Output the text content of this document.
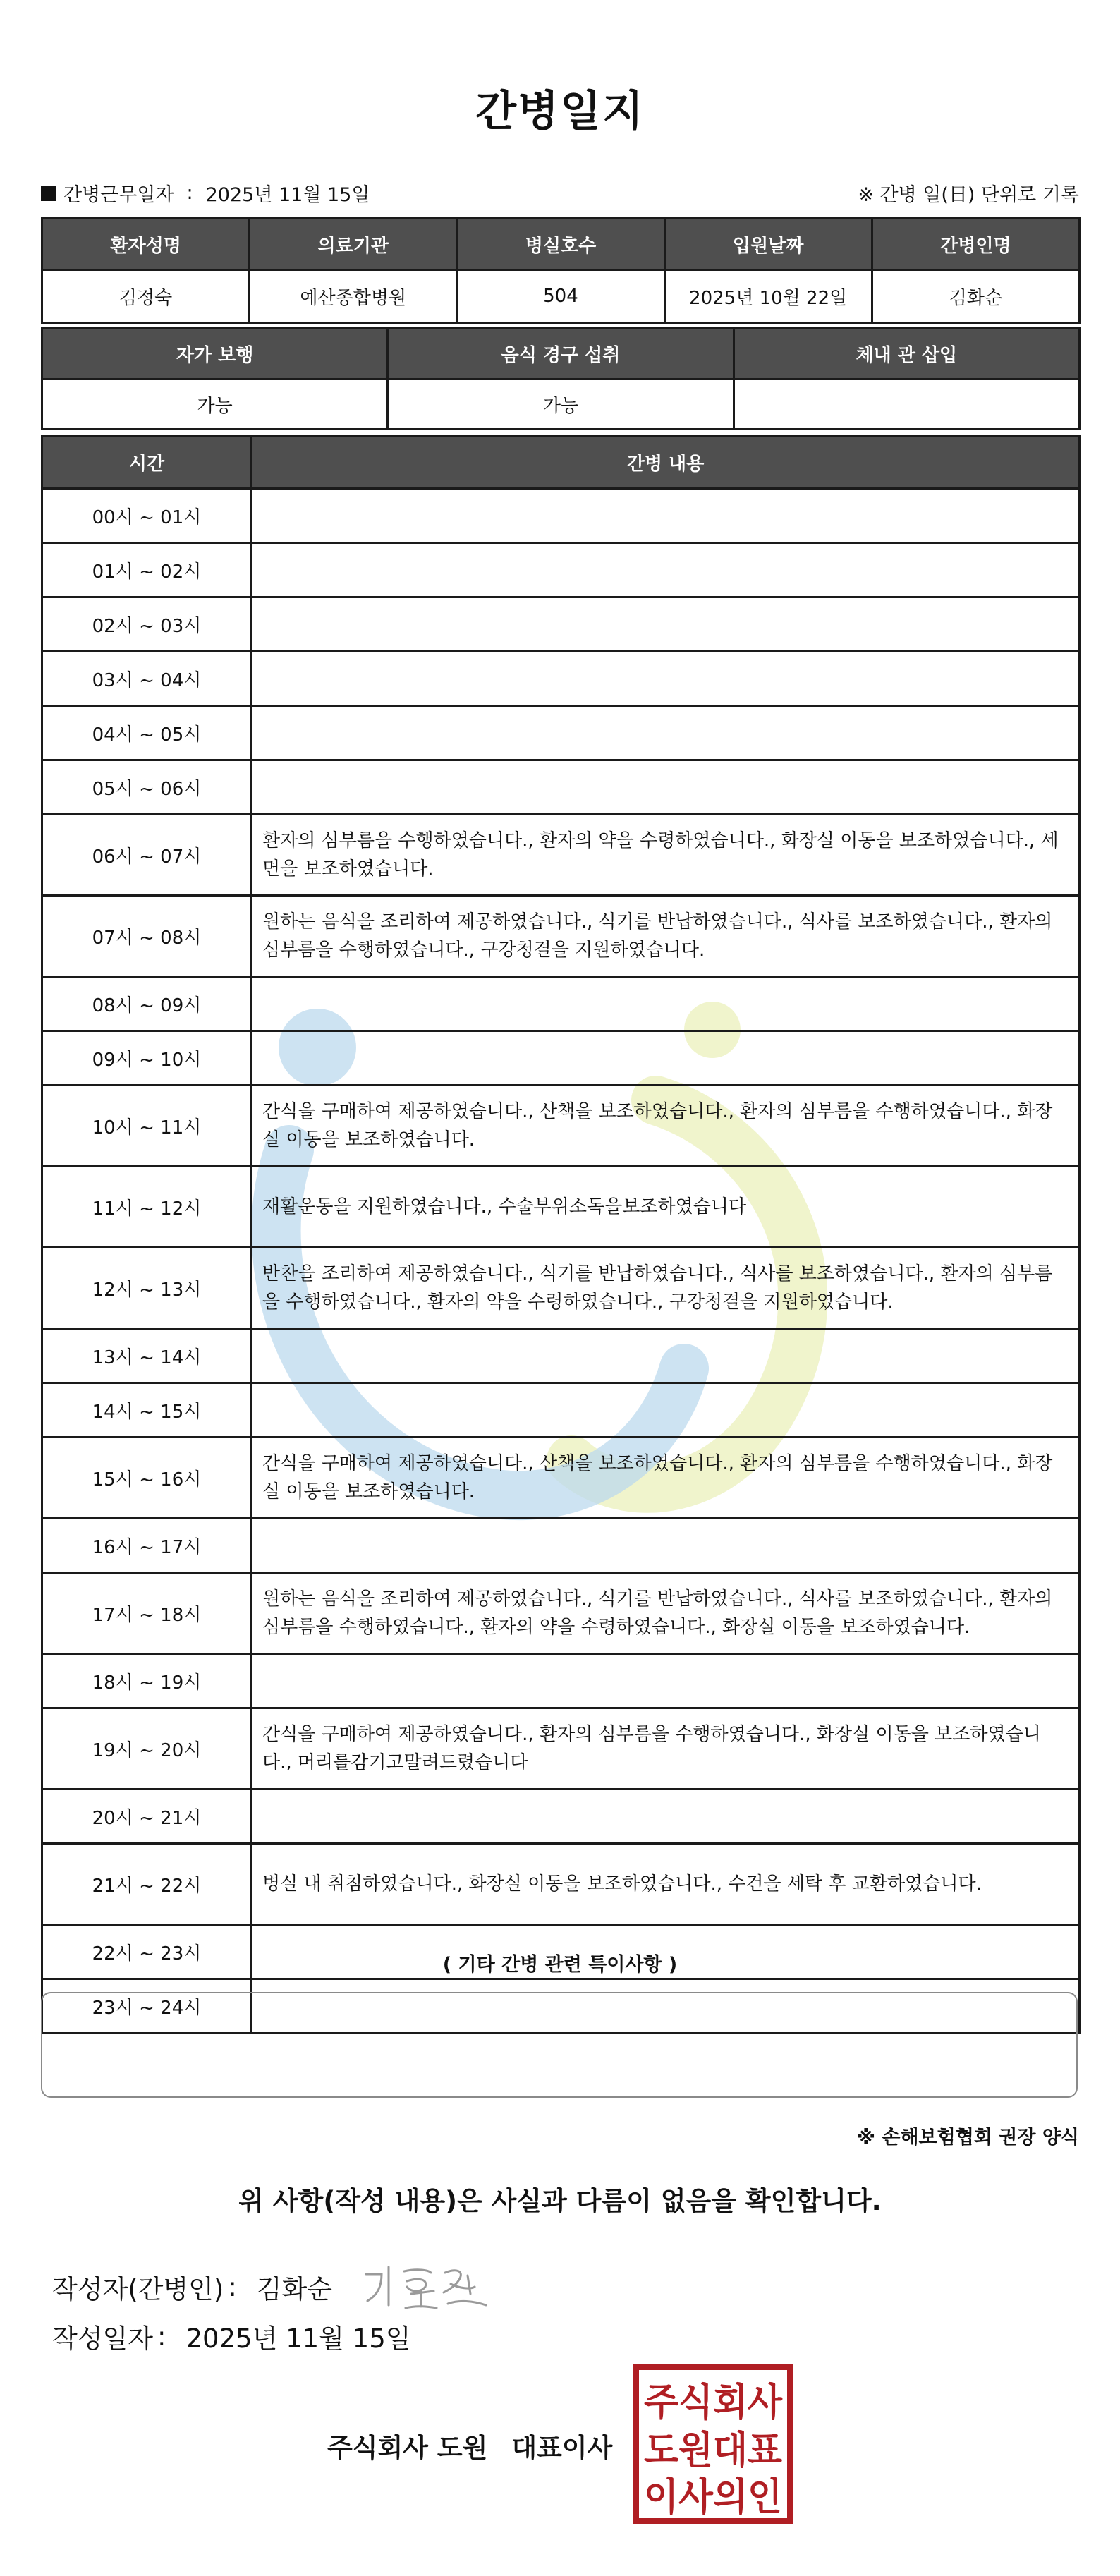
간병일지
간병근무일자 : 2025년 11월 15일	※ 간병 일(日) 단위로 기록
환자성명	의료기관	병실호수	입원날짜	간병인명
김정숙	예산종합병원	504	2025년 10월 22일	김화순
자가 보행	음식 경구 섭취	체내 관 삽입
가능	가능	
시간	간병 내용
00시 ~ 01시	
01시 ~ 02시	
02시 ~ 03시	
03시 ~ 04시	
04시 ~ 05시	
05시 ~ 06시	
06시 ~ 07시	환자의 심부름을 수행하였습니다., 환자의 약을 수령하였습니다., 화장실 이동을 보조하였습니다., 세면을 보조하였습니다.
07시 ~ 08시	원하는 음식을 조리하여 제공하였습니다., 식기를 반납하였습니다., 식사를 보조하였습니다., 환자의 심부름을 수행하였습니다., 구강청결을 지원하였습니다.
08시 ~ 09시	
09시 ~ 10시	
10시 ~ 11시	간식을 구매하여 제공하였습니다., 산책을 보조하였습니다., 환자의 심부름을 수행하였습니다., 화장실 이동을 보조하였습니다.
11시 ~ 12시	재활운동을 지원하였습니다., 수술부위소독을보조하였습니다
12시 ~ 13시	반찬을 조리하여 제공하였습니다., 식기를 반납하였습니다., 식사를 보조하였습니다., 환자의 심부름을 수행하였습니다., 환자의 약을 수령하였습니다., 구강청결을 지원하였습니다.
13시 ~ 14시	
14시 ~ 15시	
15시 ~ 16시	간식을 구매하여 제공하였습니다., 산책을 보조하였습니다., 환자의 심부름을 수행하였습니다., 화장실 이동을 보조하였습니다.
16시 ~ 17시	
17시 ~ 18시	원하는 음식을 조리하여 제공하였습니다., 식기를 반납하였습니다., 식사를 보조하였습니다., 환자의 심부름을 수행하였습니다., 환자의 약을 수령하였습니다., 화장실 이동을 보조하였습니다.
18시 ~ 19시	
19시 ~ 20시	간식을 구매하여 제공하였습니다., 환자의 심부름을 수행하였습니다., 화장실 이동을 보조하였습니다., 머리를감기고말려드렸습니다
20시 ~ 21시	
21시 ~ 22시	병실 내 취침하였습니다., 화장실 이동을 보조하였습니다., 수건을 세탁 후 교환하였습니다.
22시 ~ 23시	
23시 ~ 24시	
( 기타 간병 관련 특이사항 )
※ 손해보험협회 권장 양식
위 사항(작성 내용)은 사실과 다름이 없음을 확인합니다.
작성자(간병인) : 김화순
작성일자 : 2025년 11월 15일
주식회사 도원 대표이사
주식회사
도원대표
이사의인
